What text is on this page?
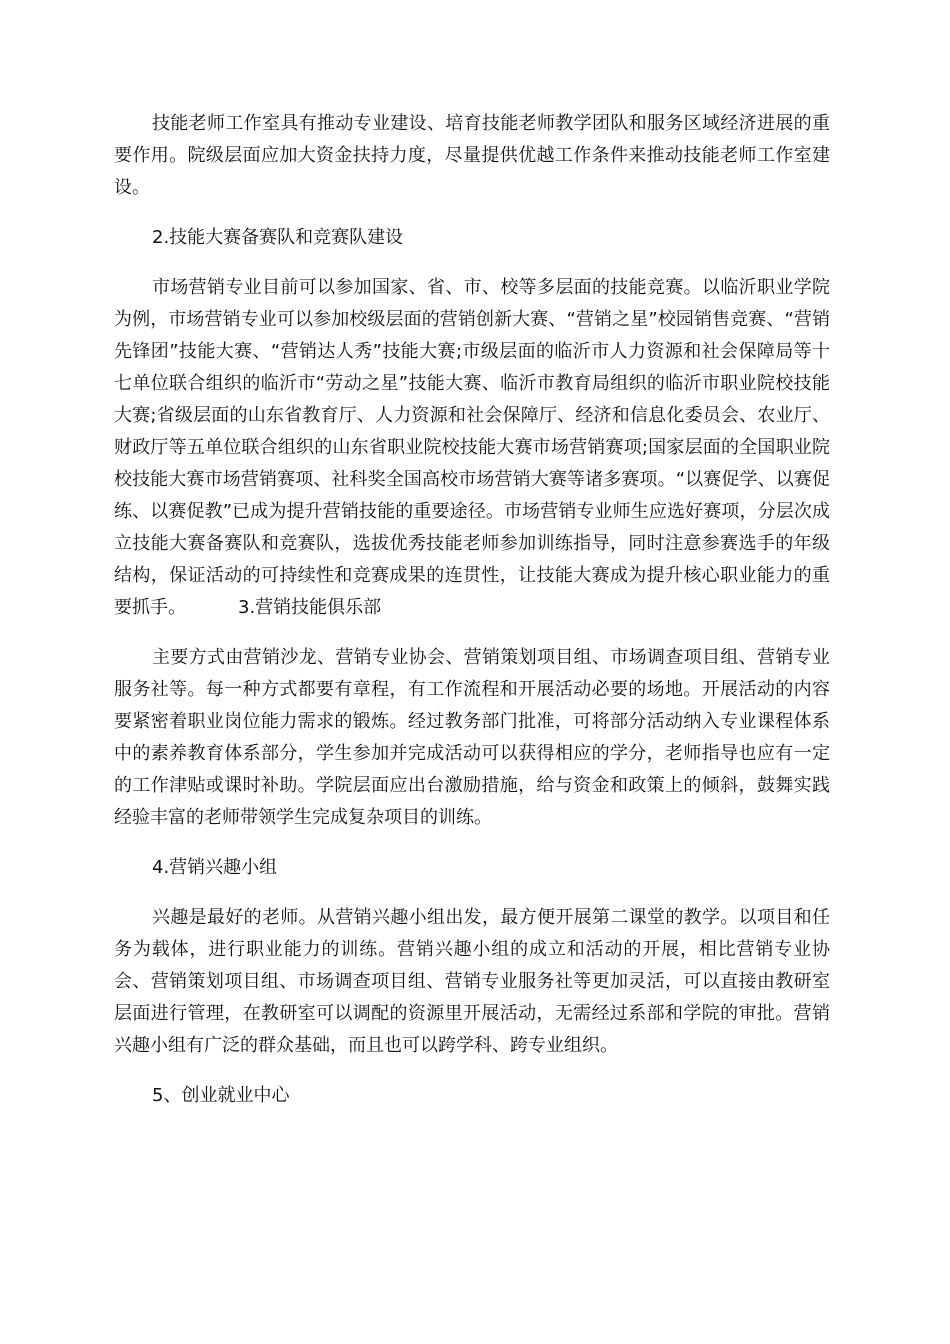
技能老师工作室具有推动专业建设、培育技能老师教学团队和服务区域经济进展的重要作用。院级层面应加大资金扶持力度，尽量提供优越工作条件来推动技能老师工作室建设。

2.技能大赛备赛队和竞赛队建设

市场营销专业目前可以参加国家、省、市、校等多层面的技能竞赛。以临沂职业学院为例，市场营销专业可以参加校级层面的营销创新大赛、“营销之星”校园销售竞赛、“营销先锋团”技能大赛、“营销达人秀”技能大赛;市级层面的临沂市人力资源和社会保障局等十七单位联合组织的临沂市“劳动之星”技能大赛、临沂市教育局组织的临沂市职业院校技能大赛;省级层面的山东省教育厅、人力资源和社会保障厅、经济和信息化委员会、农业厅、财政厅等五单位联合组织的山东省职业院校技能大赛市场营销赛项;国家层面的全国职业院校技能大赛市场营销赛项、社科奖全国高校市场营销大赛等诸多赛项。“以赛促学、以赛促练、以赛促教”已成为提升营销技能的重要途径。市场营销专业师生应选好赛项，分层次成立技能大赛备赛队和竞赛队，选拔优秀技能老师参加训练指导，同时注意参赛选手的年级结构，保证活动的可持续性和竞赛成果的连贯性，让技能大赛成为提升核心职业能力的重要抓手。	3.营销技能俱乐部

主要方式由营销沙龙、营销专业协会、营销策划项目组、市场调查项目组、营销专业服务社等。每一种方式都要有章程，有工作流程和开展活动必要的场地。开展活动的内容要紧密着职业岗位能力需求的锻炼。经过教务部门批准，可将部分活动纳入专业课程体系中的素养教育体系部分，学生参加并完成活动可以获得相应的学分，老师指导也应有一定的工作津贴或课时补助。学院层面应出台激励措施，给与资金和政策上的倾斜，鼓舞实践经验丰富的老师带领学生完成复杂项目的训练。

4.营销兴趣小组

兴趣是最好的老师。从营销兴趣小组出发，最方便开展第二课堂的教学。以项目和任务为载体，进行职业能力的训练。营销兴趣小组的成立和活动的开展，相比营销专业协会、营销策划项目组、市场调查项目组、营销专业服务社等更加灵活，可以直接由教研室层面进行管理，在教研室可以调配的资源里开展活动，无需经过系部和学院的审批。营销兴趣小组有广泛的群众基础，而且也可以跨学科、跨专业组织。

5、创业就业中心
